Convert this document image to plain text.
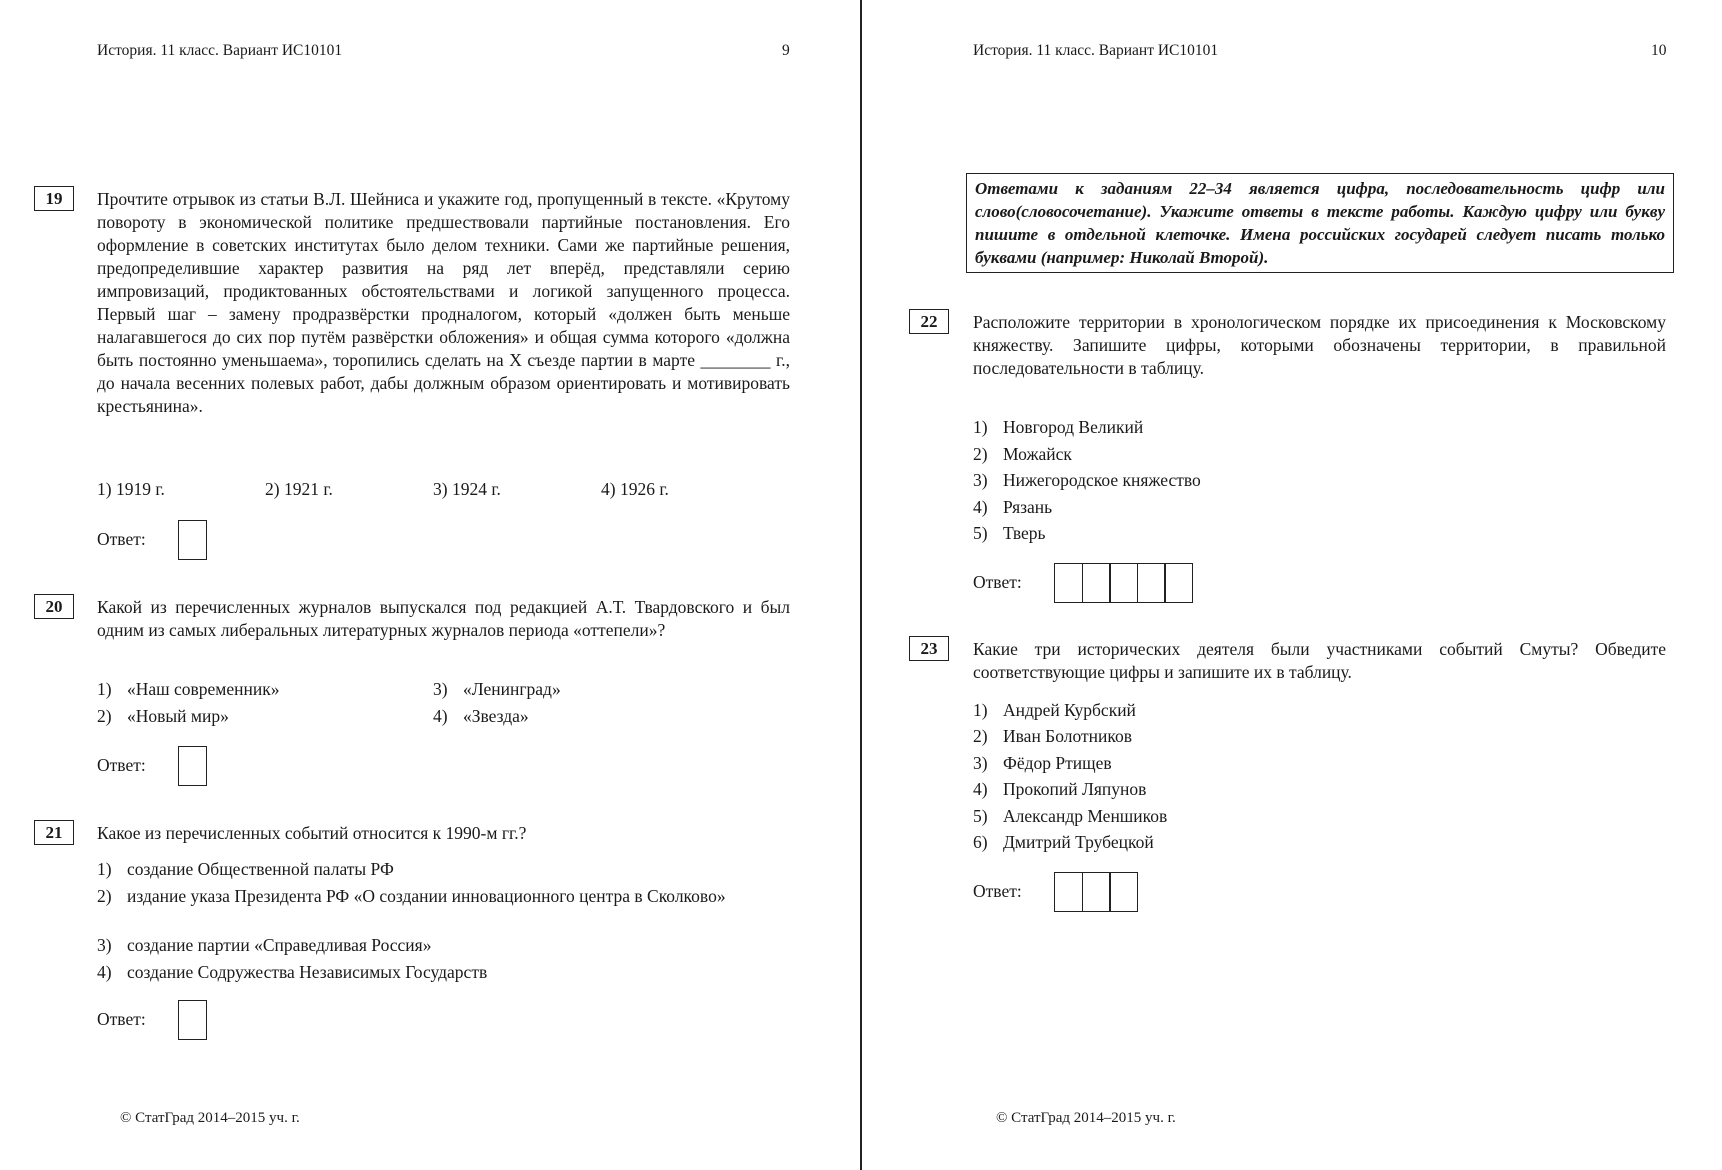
История. 11 класс. Вариант ИС10101	9
19	Прочтите отрывок из статьи В.Л. Шейниса и укажите год, пропущенный в тексте. «Крутому повороту в экономической политике предшествовали партийные постановления. Его оформление в советских институтах было делом техники. Сами же партийные решения, предопределившие характер развития на ряд лет вперёд, представляли серию импровизаций, продиктованных обстоятельствами и логикой запущенного процесса. Первый шаг – замену продразвёрстки продналогом, который «должен быть меньше налагавшегося до сих пор путём развёрстки обложения» и общая сумма которого «должна быть постоянно уменьшаема», торопились сделать на X съезде партии в марте ________ г., до начала весенних полевых работ, дабы должным образом ориентировать и мотивировать крестьянина».
1) 1919 г.	2) 1921 г.	3) 1924 г.	4) 1926 г.
Ответ:
20	Какой из перечисленных журналов выпускался под редакцией А.Т. Твардовского и был одним из самых либеральных литературных журналов периода «оттепели»?
1) «Наш современник»
2) «Новый мир»
3) «Ленинград»
4) «Звезда»
Ответ:
21	Какое из перечисленных событий относится к 1990-м гг.?
1) создание Общественной палаты РФ
2) издание указа Президента РФ «О создании инновационного центра в Сколково»
3) создание партии «Справедливая Россия»
4) создание Содружества Независимых Государств
Ответ:
© СтатГрад 2014–2015 уч. г.
История. 11 класс. Вариант ИС10101	10
Ответами к заданиям 22–34 является цифра, последовательность цифр или слово(словосочетание). Укажите ответы в тексте работы. Каждую цифру или букву пишите в отдельной клеточке. Имена российских государей следует писать только буквами (например: Николай Второй).
22	Расположите территории в хронологическом порядке их присоединения к Московскому княжеству. Запишите цифры, которыми обозначены территории, в правильной последовательности в таблицу.
1) Новгород Великий
2) Можайск
3) Нижегородское княжество
4) Рязань
5) Тверь
Ответ:
23	Какие три исторических деятеля были участниками событий Смуты? Обведите соответствующие цифры и запишите их в таблицу.
1) Андрей Курбский
2) Иван Болотников
3) Фёдор Ртищев
4) Прокопий Ляпунов
5) Александр Меншиков
6) Дмитрий Трубецкой
Ответ:
© СтатГрад 2014–2015 уч. г.
